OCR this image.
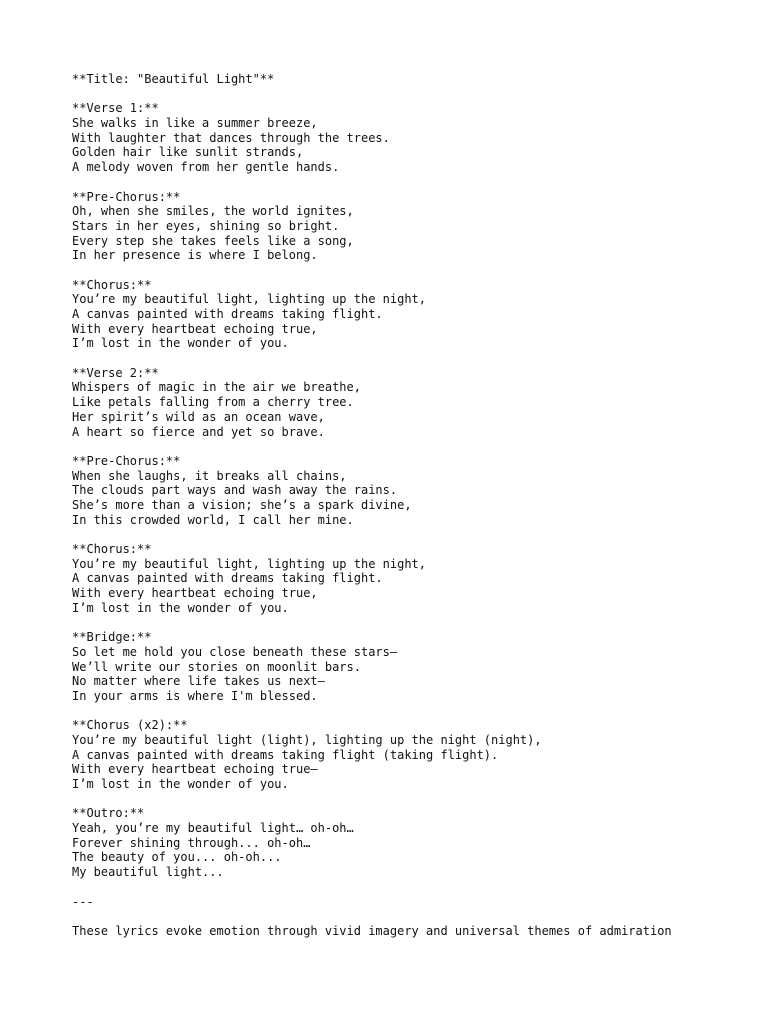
**Title: "Beautiful Light"**
**Verse 1:**
She walks in like a summer breeze,
With laughter that dances through the trees.
Golden hair like sunlit strands,
A melody woven from her gentle hands.
**Pre-Chorus:**
Oh, when she smiles, the world ignites,
Stars in her eyes, shining so bright.
Every step she takes feels like a song,
In her presence is where I belong.
**Chorus:**
You’re my beautiful light, lighting up the night,
A canvas painted with dreams taking flight.
With every heartbeat echoing true,
I’m lost in the wonder of you.
**Verse 2:**
Whispers of magic in the air we breathe,
Like petals falling from a cherry tree.
Her spirit’s wild as an ocean wave,
A heart so fierce and yet so brave.
**Pre-Chorus:**
When she laughs, it breaks all chains,
The clouds part ways and wash away the rains.
She’s more than a vision; she’s a spark divine,
In this crowded world, I call her mine.
**Chorus:**
You’re my beautiful light, lighting up the night,
A canvas painted with dreams taking flight.
With every heartbeat echoing true,
I’m lost in the wonder of you.
**Bridge:**
So let me hold you close beneath these stars—
We’ll write our stories on moonlit bars.
No matter where life takes us next—
In your arms is where I'm blessed.
**Chorus (x2):**
You’re my beautiful light (light), lighting up the night (night),
A canvas painted with dreams taking flight (taking flight).
With every heartbeat echoing true—
I’m lost in the wonder of you.
**Outro:**
Yeah, you’re my beautiful light… oh-oh…
Forever shining through... oh-oh…
The beauty of you... oh-oh...
My beautiful light...
---
These lyrics evoke emotion through vivid imagery and universal themes of admiration
